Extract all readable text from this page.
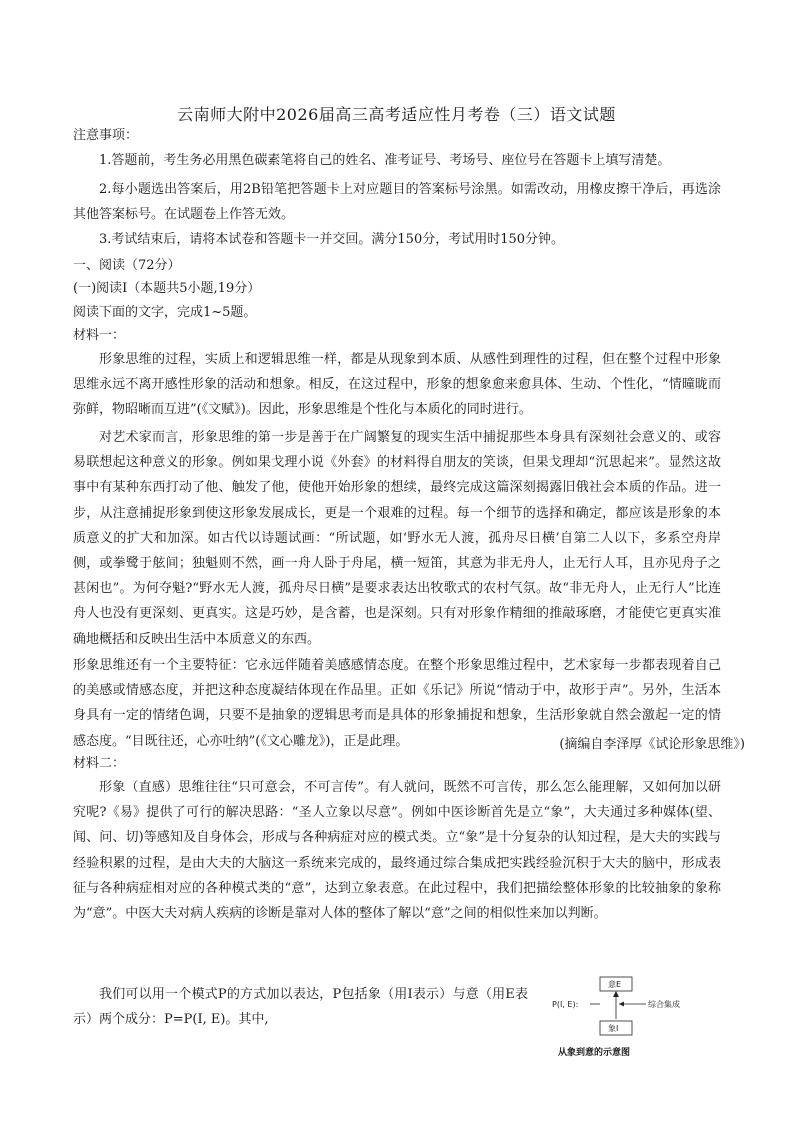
云南师大附中2026届高三高考适应性月考卷（三）语文试题
注意事项：

1.答题前，考生务必用黑色碳素笔将自己的姓名、准考证号、考场号、座位号在答题卡上填写清楚。

2.每小题选出答案后，用2B铅笔把答题卡上对应题目的答案标号涂黑。如需改动，用橡皮擦干净后，再选涂其他答案标号。在试题卷上作答无效。

3.考试结束后，请将本试卷和答题卡一并交回。满分150分，考试用时150分钟。

一、阅读（72分）
(一)阅读Ⅰ（本题共5小题,19分）
阅读下面的文字，完成1~5题。
材料一：

形象思维的过程，实质上和逻辑思维一样，都是从现象到本质、从感性到理性的过程，但在整个过程中形象思维永远不离开感性形象的活动和想象。相反，在这过程中，形象的想象愈来愈具体、生动、个性化，“情曈昽而弥鲜，物昭晰而互进”(《文赋》)。因此，形象思维是个性化与本质化的同时进行。

对艺术家而言，形象思维的第一步是善于在广阔繁复的现实生活中捕捉那些本身具有深刻社会意义的、或容易联想起这种意义的形象。例如果戈理小说《外套》的材料得自朋友的笑谈，但果戈理却“沉思起来”。显然这故事中有某种东西打动了他、触发了他，使他开始形象的想续，最终完成这篇深刻揭露旧俄社会本质的作品。进一步，从注意捕捉形象到使这形象发展成长，更是一个艰难的过程。每一个细节的选择和确定，都应该是形象的本质意义的扩大和加深。如古代以诗题试画：“所试题，如‘野水无人渡，孤舟尽日横’自第二人以下，多系空舟岸侧，或拳鹭于舷间；独魁则不然，画一舟人卧于舟尾，横一短笛，其意为非无舟人，止无行人耳，且亦见舟子之甚闲也”。为何夺魁?“野水无人渡，孤舟尽日横”是要求表达出牧歌式的农村气氛。故“非无舟人，止无行人”比连舟人也没有更深刻、更真实。这是巧妙，是含蓄，也是深刻。只有对形象作精细的推敲琢磨，才能使它更真实准确地概括和反映出生活中本质意义的东西。

形象思维还有一个主要特征：它永远伴随着美感感情态度。在整个形象思维过程中，艺术家每一步都表现着自己的美感或情感态度，并把这种态度凝结体现在作品里。正如《乐记》所说“情动于中，故形于声”。另外，生活本身具有一定的情绪色调，只要不是抽象的逻辑思考而是具体的形象捕捉和想象，生活形象就自然会激起一定的情感态度。“目既往还，心亦吐纳”(《文心雕龙》)，正是此理。	(摘编自李泽厚《试论形象思维》)
材料二：

形象（直感）思维往往“只可意会，不可言传”。有人就问，既然不可言传，那么怎么能理解，又如何加以研究呢?《易》提供了可行的解决思路：“圣人立象以尽意”。例如中医诊断首先是立“象”，大夫通过多种媒体(望、闻、问、切)等感知及自身体会，形成与各种病症对应的模式类。立“象”是十分复杂的认知过程，是大夫的实践与经验积累的过程，是由大夫的大脑这一系统来完成的，最终通过综合集成把实践经验沉积于大夫的脑中，形成表征与各种病症相对应的各种模式类的“意”，达到立象表意。在此过程中，我们把描绘整体形象的比较抽象的象称为“意”。中医大夫对病人疾病的诊断是靠对人体的整体了解以“意”之间的相似性来加以判断。

我们可以用一个模式P的方式加以表达，P包括象（用Ⅰ表示）与意（用E表示）两个成分：P=P(I, E)。其中,

P(I, E):
意E
综合集成
象I
从象到意的示意图
